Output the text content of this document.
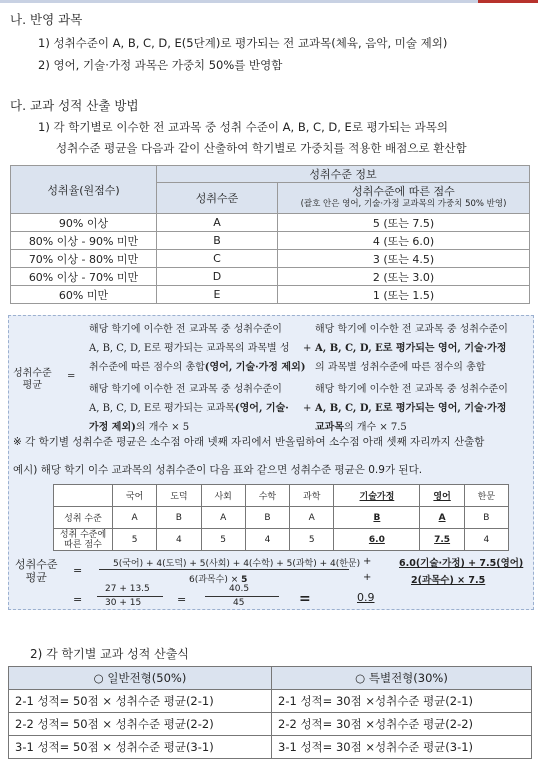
나. 반영 과목
1) 성취수준이 A, B, C, D, E(5단계)로 평가되는 전 교과목(체육, 음악, 미술 제외)
2) 영어, 기술·가정 과목은 가중치 50%를 반영함
다. 교과 성적 산출 방법
1) 각 학기별로 이수한 전 교과목 중 성취 수준이 A, B, C, D, E로 평가되는 과목의
성취수준 평균을 다음과 같이 산출하여 학기별로 가중치를 적용한 배점으로 환산함
성취율(원점수)	성취수준 정보	
	성취수준	성취수준에 따른 점수
(괄호 안은 영어, 기술·가정 교과목의 가중치 50% 반영)

90% 이상	A	5 (또는 7.5)
80% 이상 - 90% 미만	B	4 (또는 6.0)
70% 이상 - 80% 미만	C	3 (또는 4.5)
60% 이상 - 70% 미만	D	2 (또는 3.0)
60% 미만	E	1 (또는 1.5)
성취수준
평균
=
해당 학기에 이수한 전 교과목 중 성취수준이
A, B, C, D, E로 평가되는 교과목의 과목별 성
취수준에 따른 점수의 총합(영어, 기술·가정 제외)
+
해당 학기에 이수한 전 교과목 중 성취수준이
A, B, C, D, E로 평가되는 영어, 기술·가정
의 과목별 성취수준에 따른 점수의 총합
해당 학기에 이수한 전 교과목 중 성취수준이
A, B, C, D, E로 평가되는 교과목(영어, 기술·
가정 제외)의 개수 × 5
+
해당 학기에 이수한 전 교과목 중 성취수준이
A, B, C, D, E로 평가되는 영어, 기술·가정
교과목의 개수 × 7.5
※ 각 학기별 성취수준 평균은 소수점 아래 넷째 자리에서 반올림하여 소수점 아래 셋째 자리까지 산출함
예시) 해당 학기 이수 교과목의 성취수준이 다음 표와 같으면 성취수준 평균은 0.9가 된다.
	국어	도덕	사회	수학	과학	기술가정	영어	한문
성취 수준	A	B	A	B	A	B	A	B

성취 수준에
따른 점수	5	4	5	4	5	6.0	7.5	4
성취수준
평균
=	5(국어) + 4(도덕) + 5(사회) + 4(수학) + 5(과학) + 4(한문)
6(과목수) × 5
+
+
6.0(기술·가정) + 7.5(영어)
2(과목수) × 7.5
=
27 + 13.5
30 + 15	=
40.5
45	=	0.9
2) 각 학기별 교과 성적 산출식
○ 일반전형(50%)	○ 특별전형(30%)
2-1 성적= 50점 × 성취수준 평균(2-1)	2-1 성적= 30점 ×성취수준 평균(2-1)
2-2 성적= 50점 × 성취수준 평균(2-2)	2-2 성적= 30점 ×성취수준 평균(2-2)
3-1 성적= 50점 × 성취수준 평균(3-1)	3-1 성적= 30점 ×성취수준 평균(3-1)
